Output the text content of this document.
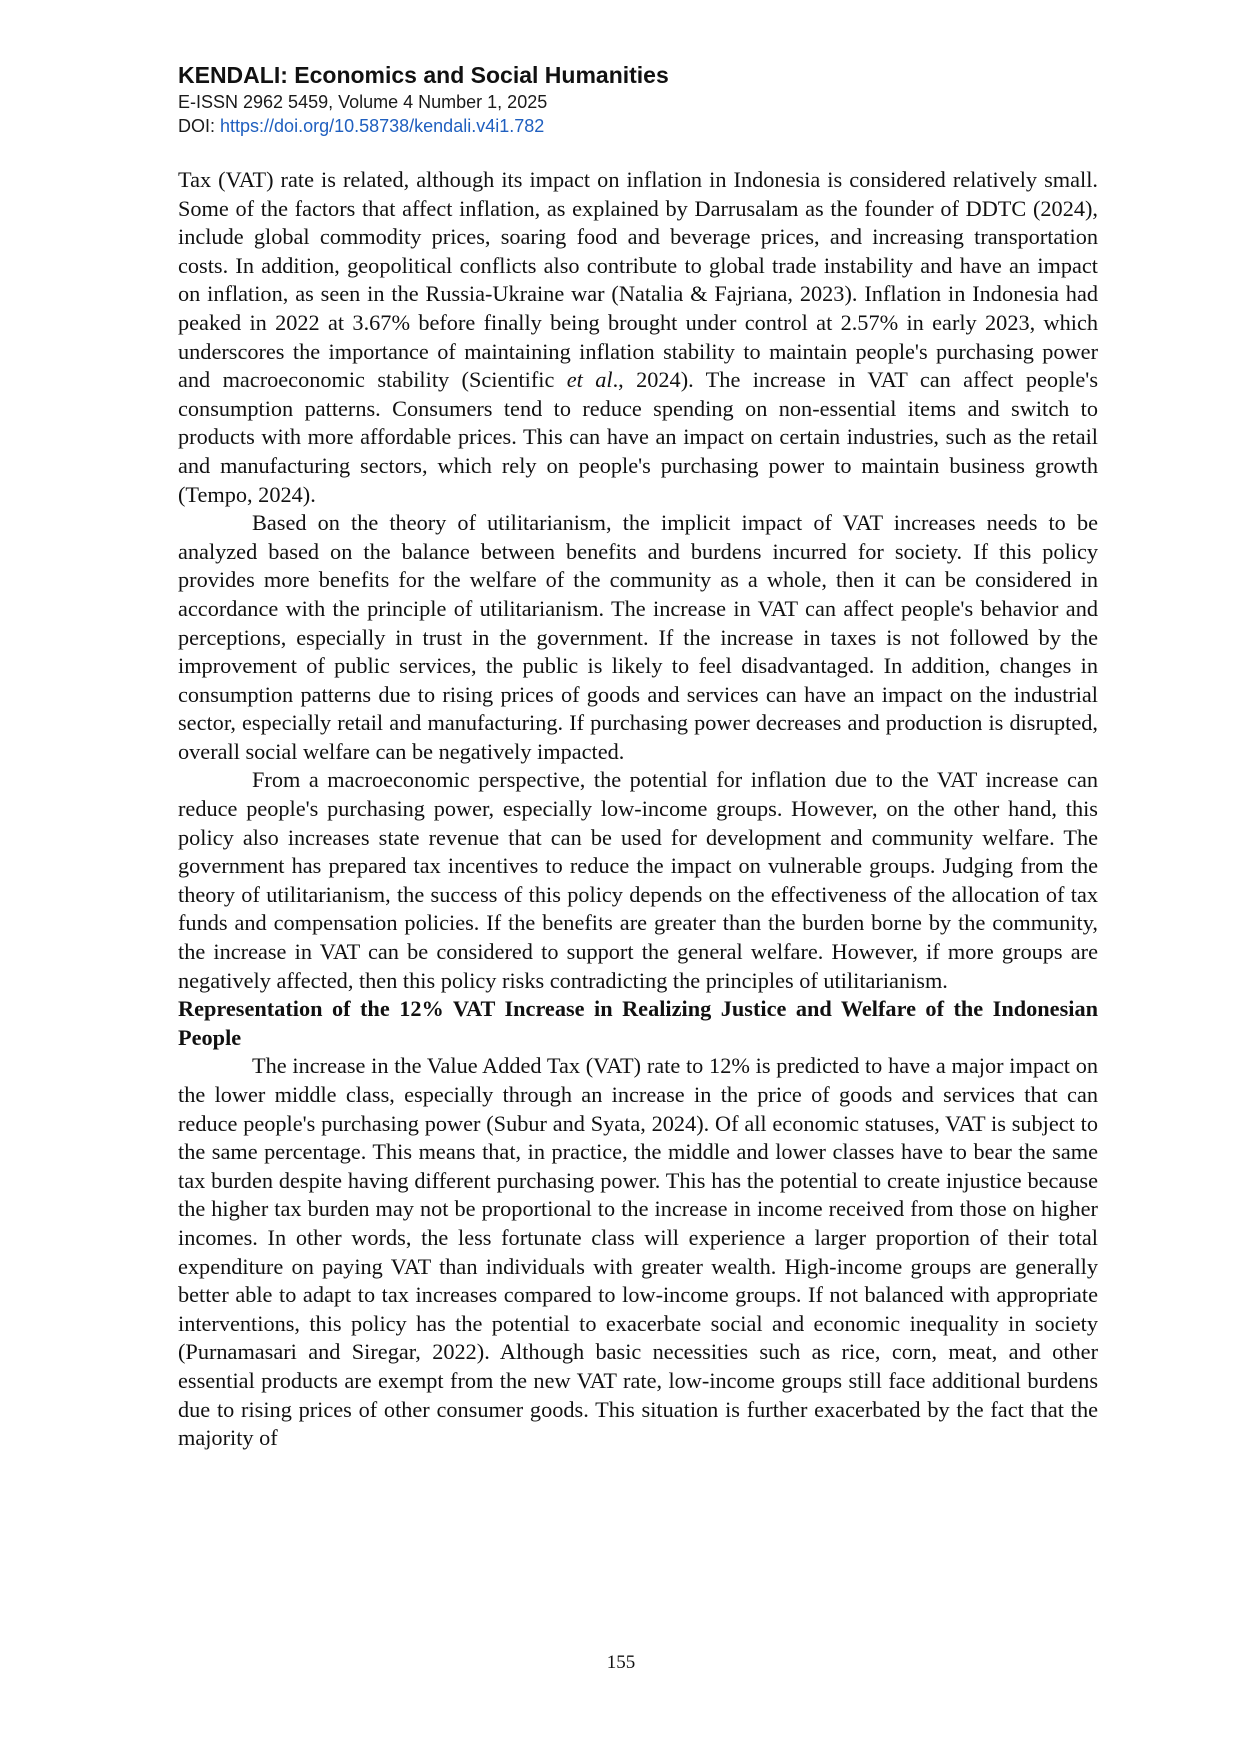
KENDALI: Economics and Social Humanities

E-ISSN 2962 5459, Volume 4 Number 1, 2025

DOI: https://doi.org/10.58738/kendali.v4i1.782

Tax (VAT) rate is related, although its impact on inflation in Indonesia is considered relatively small. Some of the factors that affect inflation, as explained by Darrusalam as the founder of DDTC (2024), include global commodity prices, soaring food and beverage prices, and increasing transportation costs. In addition, geopolitical conflicts also contribute to global trade instability and have an impact on inflation, as seen in the Russia-Ukraine war (Natalia & Fajriana, 2023). Inflation in Indonesia had peaked in 2022 at 3.67% before finally being brought under control at 2.57% in early 2023, which underscores the importance of maintaining inflation stability to maintain people's purchasing power and macroeconomic stability (Scientific et al., 2024). The increase in VAT can affect people's consumption patterns. Consumers tend to reduce spending on non-essential items and switch to products with more affordable prices. This can have an impact on certain industries, such as the retail and manufacturing sectors, which rely on people's purchasing power to maintain business growth (Tempo, 2024).

Based on the theory of utilitarianism, the implicit impact of VAT increases needs to be analyzed based on the balance between benefits and burdens incurred for society. If this policy provides more benefits for the welfare of the community as a whole, then it can be considered in accordance with the principle of utilitarianism. The increase in VAT can affect people's behavior and perceptions, especially in trust in the government. If the increase in taxes is not followed by the improvement of public services, the public is likely to feel disadvantaged. In addition, changes in consumption patterns due to rising prices of goods and services can have an impact on the industrial sector, especially retail and manufacturing. If purchasing power decreases and production is disrupted, overall social welfare can be negatively impacted.

From a macroeconomic perspective, the potential for inflation due to the VAT increase can reduce people's purchasing power, especially low-income groups. However, on the other hand, this policy also increases state revenue that can be used for development and community welfare. The government has prepared tax incentives to reduce the impact on vulnerable groups. Judging from the theory of utilitarianism, the success of this policy depends on the effectiveness of the allocation of tax funds and compensation policies. If the benefits are greater than the burden borne by the community, the increase in VAT can be considered to support the general welfare. However, if more groups are negatively affected, then this policy risks contradicting the principles of utilitarianism.

Representation of the 12% VAT Increase in Realizing Justice and Welfare of the Indonesian People

The increase in the Value Added Tax (VAT) rate to 12% is predicted to have a major impact on the lower middle class, especially through an increase in the price of goods and services that can reduce people's purchasing power (Subur and Syata, 2024). Of all economic statuses, VAT is subject to the same percentage. This means that, in practice, the middle and lower classes have to bear the same tax burden despite having different purchasing power. This has the potential to create injustice because the higher tax burden may not be proportional to the increase in income received from those on higher incomes. In other words, the less fortunate class will experience a larger proportion of their total expenditure on paying VAT than individuals with greater wealth. High-income groups are generally better able to adapt to tax increases compared to low-income groups. If not balanced with appropriate interventions, this policy has the potential to exacerbate social and economic inequality in society (Purnamasari and Siregar, 2022). Although basic necessities such as rice, corn, meat, and other essential products are exempt from the new VAT rate, low-income groups still face additional burdens due to rising prices of other consumer goods. This situation is further exacerbated by the fact that the majority of

155
